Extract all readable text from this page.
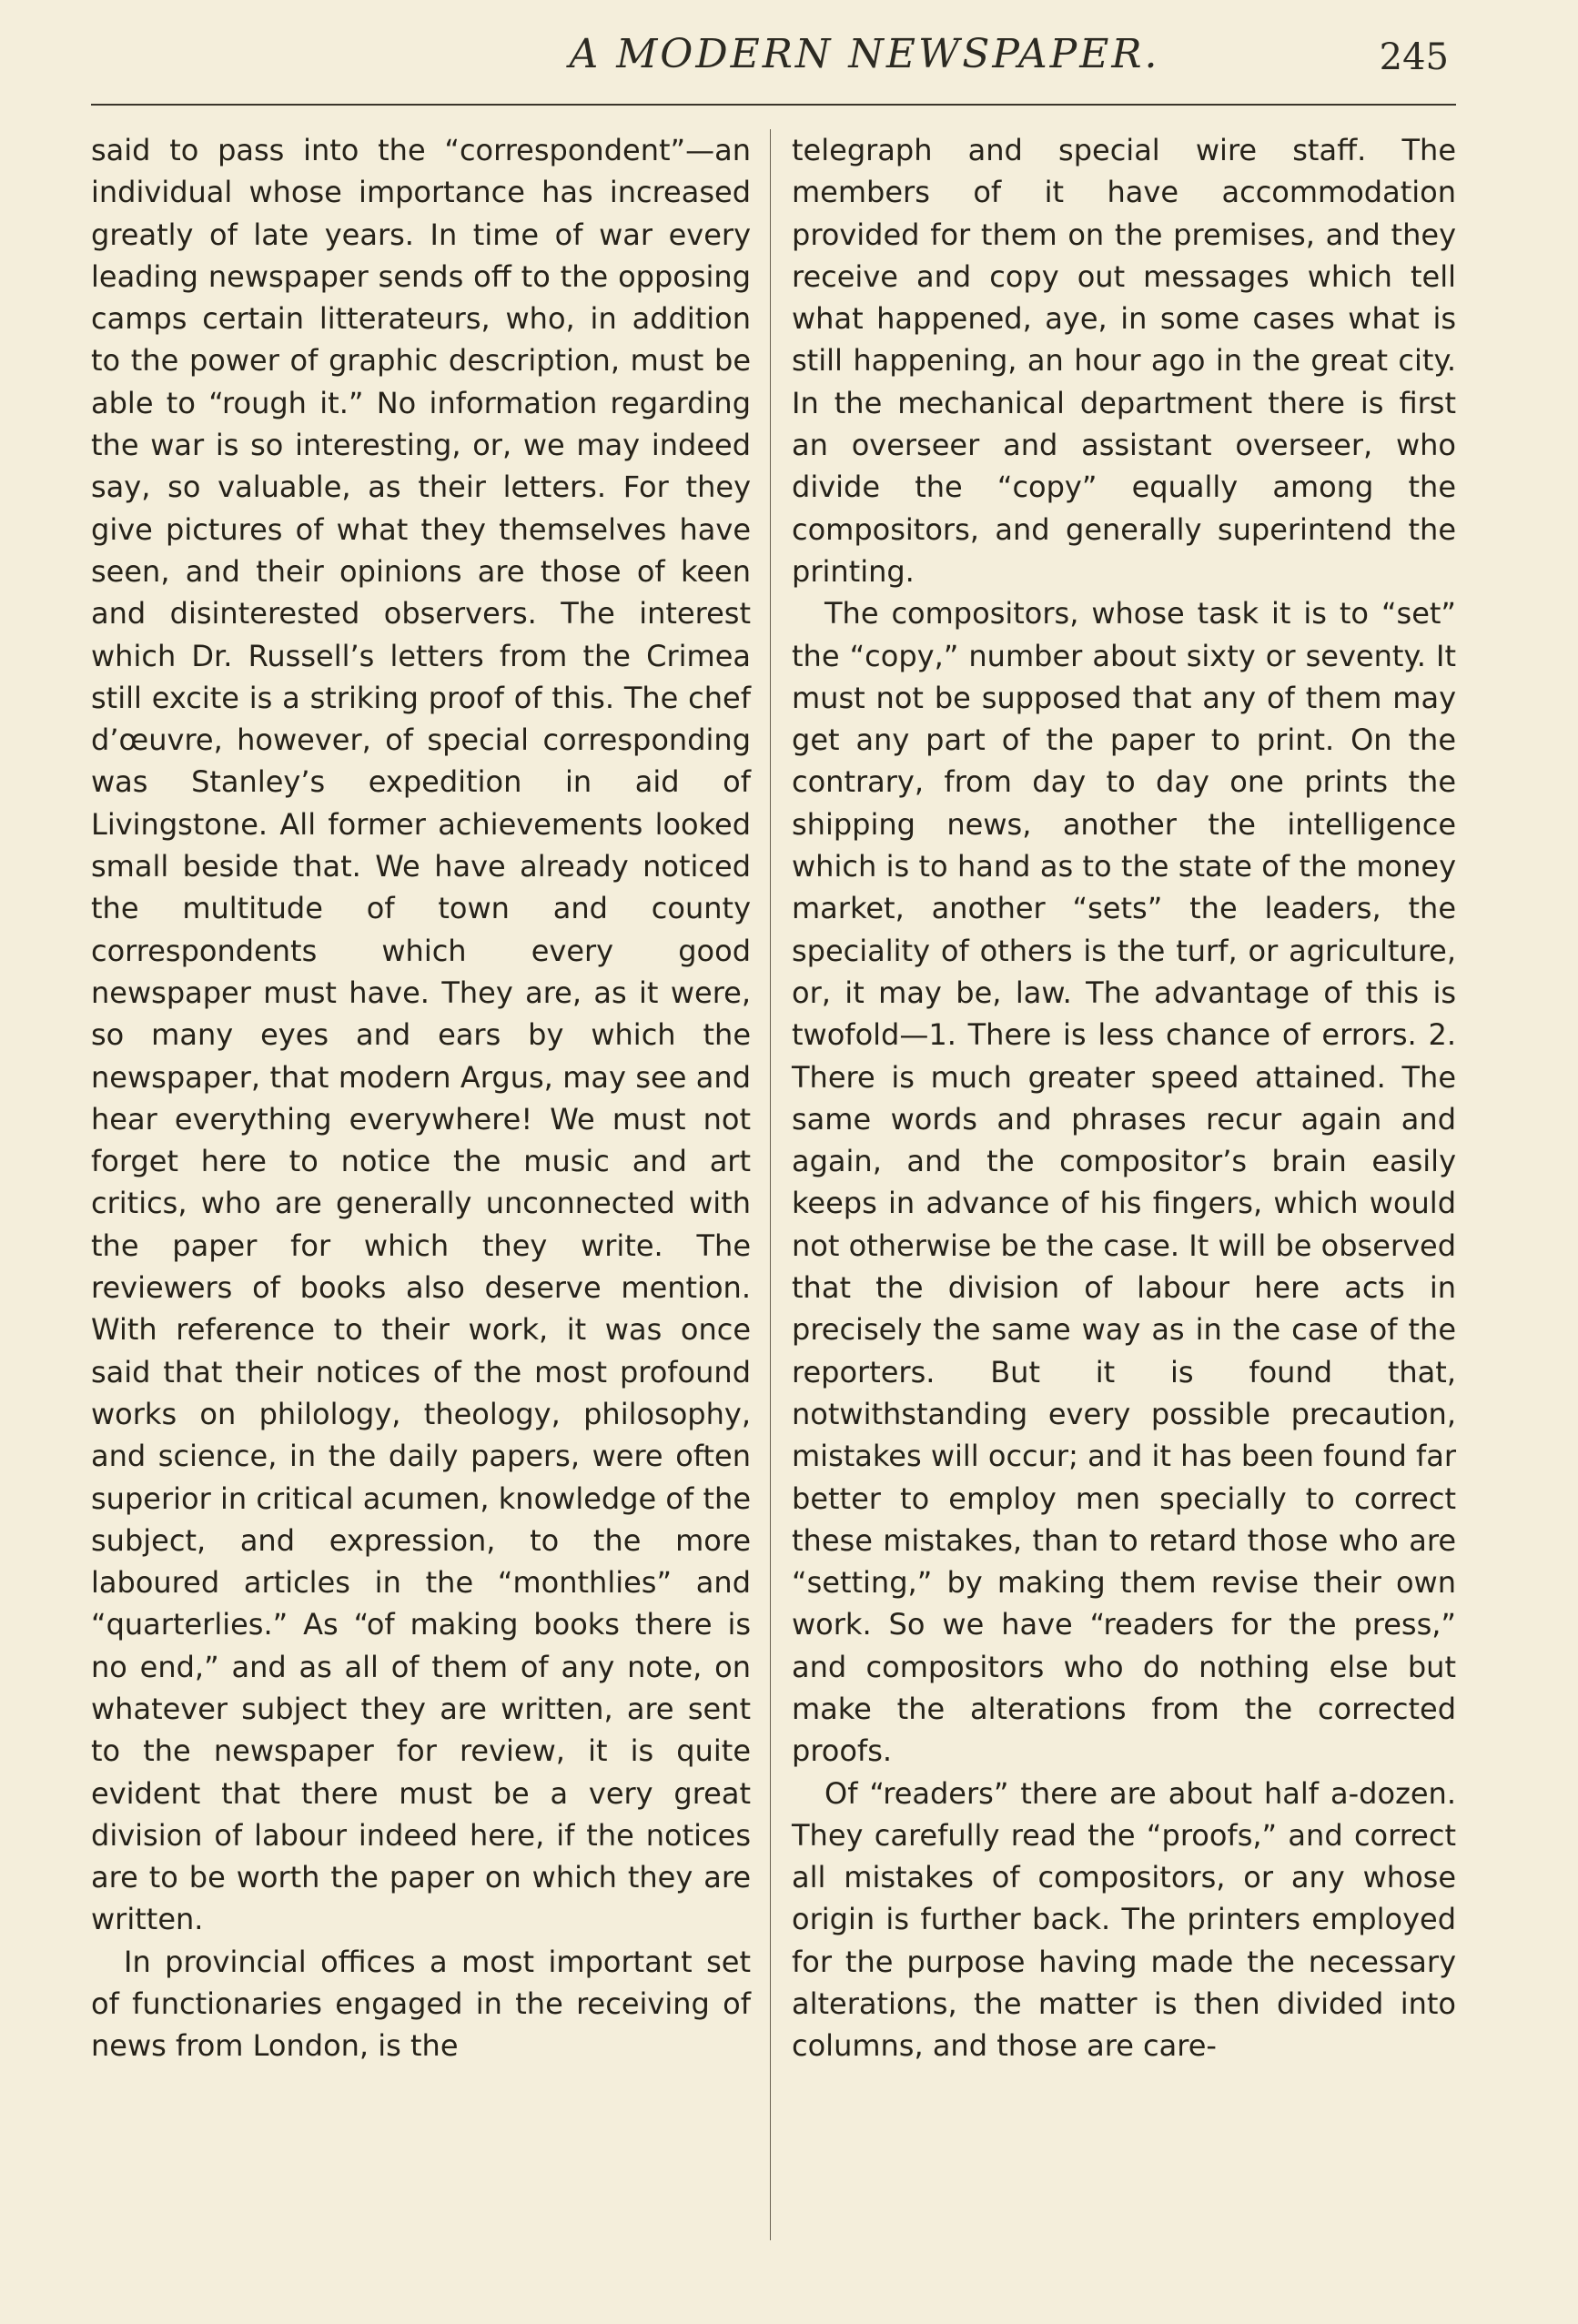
A MODERN NEWSPAPER.	245

said to pass into the “correspondent”—an individual whose importance has increased greatly of late years. In time of war every leading newspaper sends off to the opposing camps certain litterateurs, who, in addition to the power of graphic description, must be able to “rough it.” No information regarding the war is so interesting, or, we may indeed say, so valuable, as their letters. For they give pictures of what they themselves have seen, and their opinions are those of keen and disinterested observers. The interest which Dr. Russell’s letters from the Crimea still excite is a striking proof of this. The chef d’œuvre, however, of special corresponding was Stanley’s expedition in aid of Livingstone. All former achievements looked small beside that. We have already noticed the multitude of town and county correspondents which every good newspaper must have. They are, as it were, so many eyes and ears by which the newspaper, that modern Argus, may see and hear everything everywhere! We must not forget here to notice the music and art critics, who are generally unconnected with the paper for which they write. The reviewers of books also deserve mention. With reference to their work, it was once said that their notices of the most profound works on philology, theology, philosophy, and science, in the daily papers, were often superior in critical acumen, knowledge of the subject, and expression, to the more laboured articles in the “monthlies” and “quarterlies.” As “of making books there is no end,” and as all of them of any note, on whatever subject they are written, are sent to the newspaper for review, it is quite evident that there must be a very great division of labour indeed here, if the notices are to be worth the paper on which they are written.

In provincial offices a most important set of functionaries engaged in the receiving of news from London, is the

telegraph and special wire staff. The members of it have accommodation provided for them on the premises, and they receive and copy out messages which tell what happened, aye, in some cases what is still happening, an hour ago in the great city. In the mechanical department there is first an overseer and assistant overseer, who divide the “copy” equally among the compositors, and generally superintend the printing.

The compositors, whose task it is to “set” the “copy,” number about sixty or seventy. It must not be supposed that any of them may get any part of the paper to print. On the contrary, from day to day one prints the shipping news, another the intelligence which is to hand as to the state of the money market, another “sets” the leaders, the speciality of others is the turf, or agriculture, or, it may be, law. The advantage of this is twofold—1. There is less chance of errors. 2. There is much greater speed attained. The same words and phrases recur again and again, and the compositor’s brain easily keeps in advance of his fingers, which would not otherwise be the case. It will be observed that the division of labour here acts in precisely the same way as in the case of the reporters. But it is found that, notwithstanding every possible precaution, mistakes will occur; and it has been found far better to employ men specially to correct these mistakes, than to retard those who are “setting,” by making them revise their own work. So we have “readers for the press,” and compositors who do nothing else but make the alterations from the corrected proofs.

Of “readers” there are about half a-dozen. They carefully read the “proofs,” and correct all mistakes of compositors, or any whose origin is further back. The printers employed for the purpose having made the necessary alterations, the matter is then divided into columns, and those are care-
